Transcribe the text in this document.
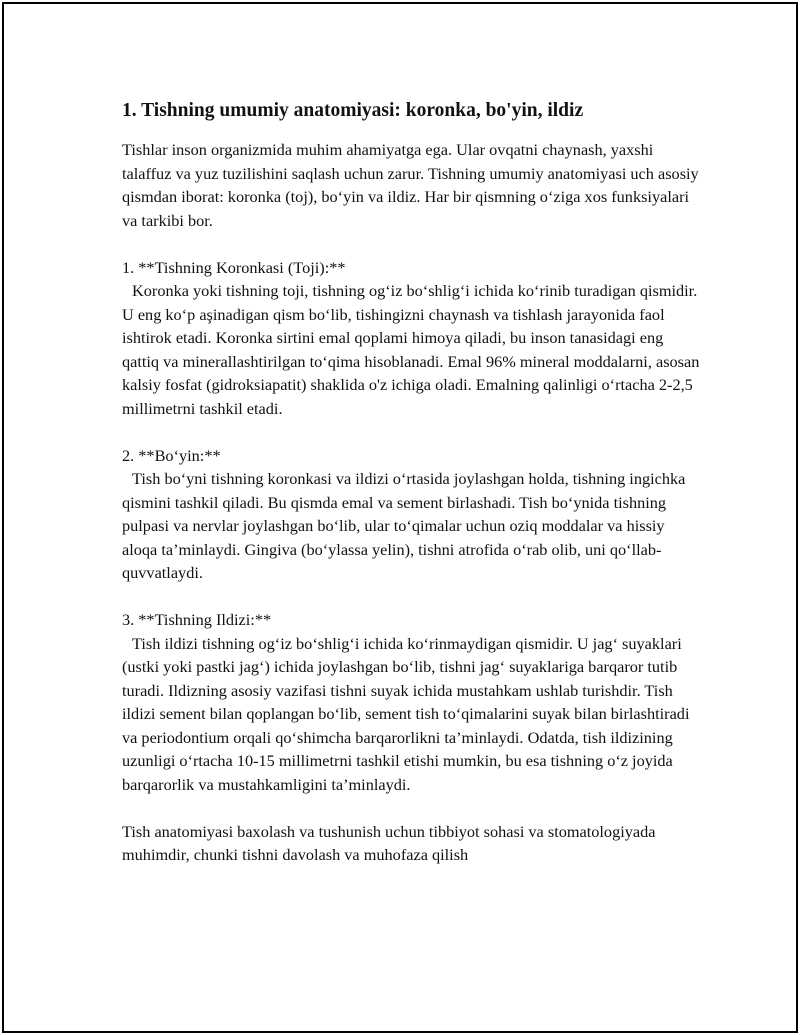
1. Tishning umumiy anatomiyasi: koronka, bo'yin, ildiz

Tishlar inson organizmida muhim ahamiyatga ega. Ular ovqatni chaynash, yaxshi talaffuz va yuz tuzilishini saqlash uchun zarur. Tishning umumiy anatomiyasi uch asosiy qismdan iborat: koronka (toj), bo‘yin va ildiz. Har bir qismning o‘ziga xos funksiyalari va tarkibi bor.

1. **Tishning Koronkasi (Toji):**

Koronka yoki tishning toji, tishning og‘iz bo‘shlig‘i ichida ko‘rinib turadigan qismidir. U eng ko‘p aşinadigan qism bo‘lib, tishingizni chaynash va tishlash jarayonida faol ishtirok etadi. Koronka sirtini emal qoplami himoya qiladi, bu inson tanasidagi eng qattiq va minerallashtirilgan to‘qima hisoblanadi. Emal 96% mineral moddalarni, asosan kalsiy fosfat (gidroksiapatit) shaklida o'z ichiga oladi. Emalning qalinligi o‘rtacha 2-2,5 millimetrni tashkil etadi.

2. **Bo‘yin:**

Tish bo‘yni tishning koronkasi va ildizi o‘rtasida joylashgan holda, tishning ingichka qismini tashkil qiladi. Bu qismda emal va sement birlashadi. Tish bo‘ynida tishning pulpasi va nervlar joylashgan bo‘lib, ular to‘qimalar uchun oziq moddalar va hissiy aloqa ta’minlaydi. Gingiva (bo‘ylassa yelin), tishni atrofida o‘rab olib, uni qo‘llab-quvvatlaydi.

3. **Tishning Ildizi:**

Tish ildizi tishning og‘iz bo‘shlig‘i ichida ko‘rinmaydigan qismidir. U jag‘ suyaklari (ustki yoki pastki jag‘) ichida joylashgan bo‘lib, tishni jag‘ suyaklariga barqaror tutib turadi. Ildizning asosiy vazifasi tishni suyak ichida mustahkam ushlab turishdir. Tish ildizi sement bilan qoplangan bo‘lib, sement tish to‘qimalarini suyak bilan birlashtiradi va periodontium orqali qo‘shimcha barqarorlikni ta’minlaydi. Odatda, tish ildizining uzunligi o‘rtacha 10-15 millimetrni tashkil etishi mumkin, bu esa tishning o‘z joyida barqarorlik va mustahkamligini ta’minlaydi.

Tish anatomiyasi baxolash va tushunish uchun tibbiyot sohasi va stomatologiyada muhimdir, chunki tishni davolash va muhofaza qilish
